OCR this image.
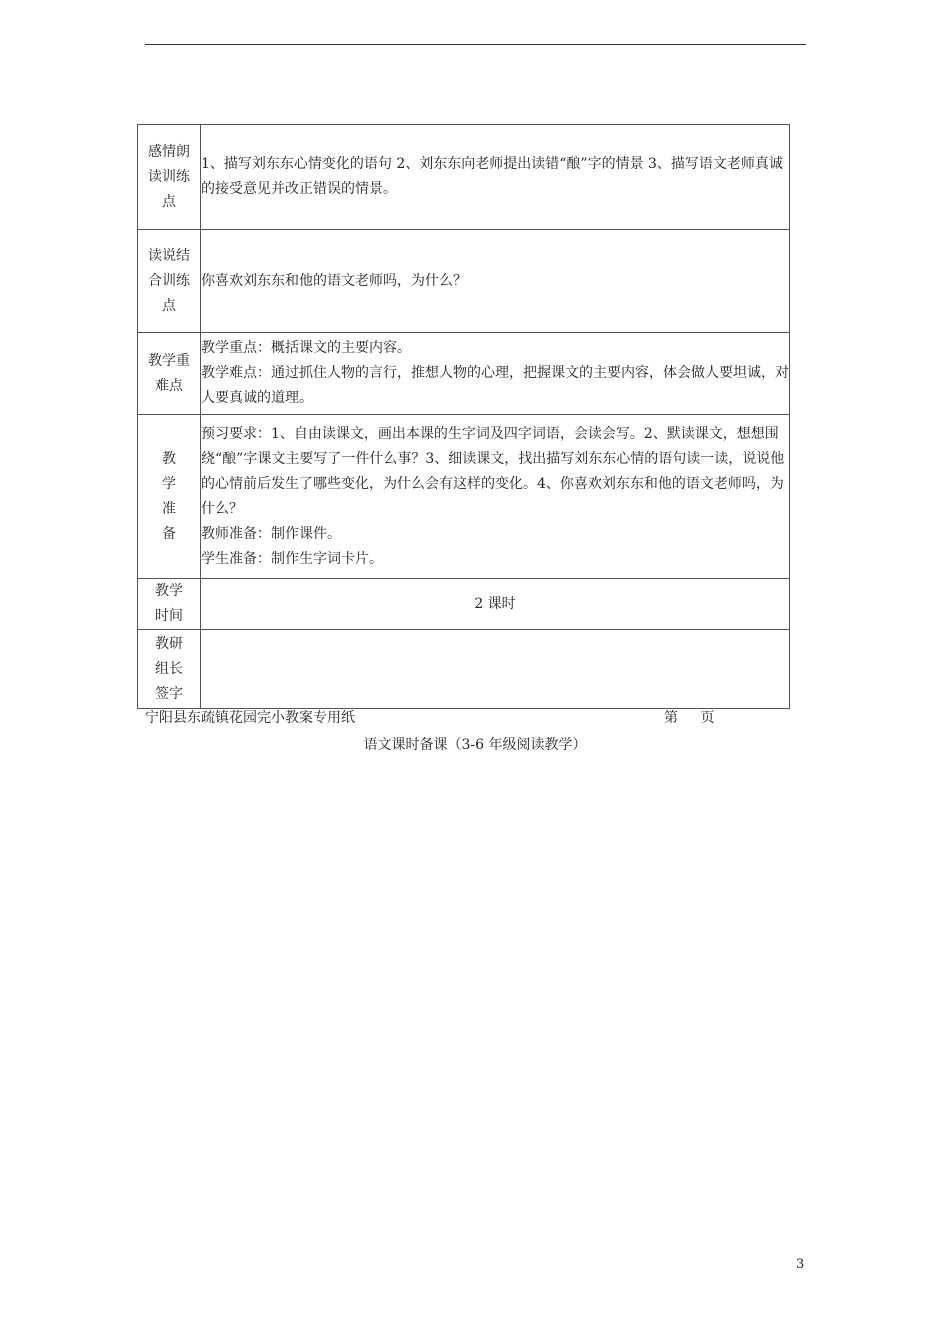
感情朗读训练点	1、描写刘东东心情变化的语句 2、刘东东向老师提出读错“酿”字的情景 3、描写语文老师真诚的接受意见并改正错误的情景。

读说结合训练点	你喜欢刘东东和他的语文老师吗，为什么？

教学重 难点	教学重点：概括课文的主要内容。
教学难点：通过抓住人物的言行，推想人物的心理，把握课文的主要内容，体会做人要坦诚，对人要真诚的道理。

教学准备	预习要求：1、自由读课文，画出本课的生字词及四字词语，会读会写。2、默读课文，想想围绕“酿”字课文主要写了一件什么事？3、细读课文，找出描写刘东东心情的语句读一读，说说他的心情前后发生了哪些变化，为什么会有这样的变化。4、你喜欢刘东东和他的语文老师吗，为什么？
教师准备：制作课件。
学生准备：制作生字词卡片。

教学时间	2 课时

教研组长签字	
宁阳县东疏镇花园完小教案专用纸	第 页
语文课时备课（3-6 年级阅读教学）
3
